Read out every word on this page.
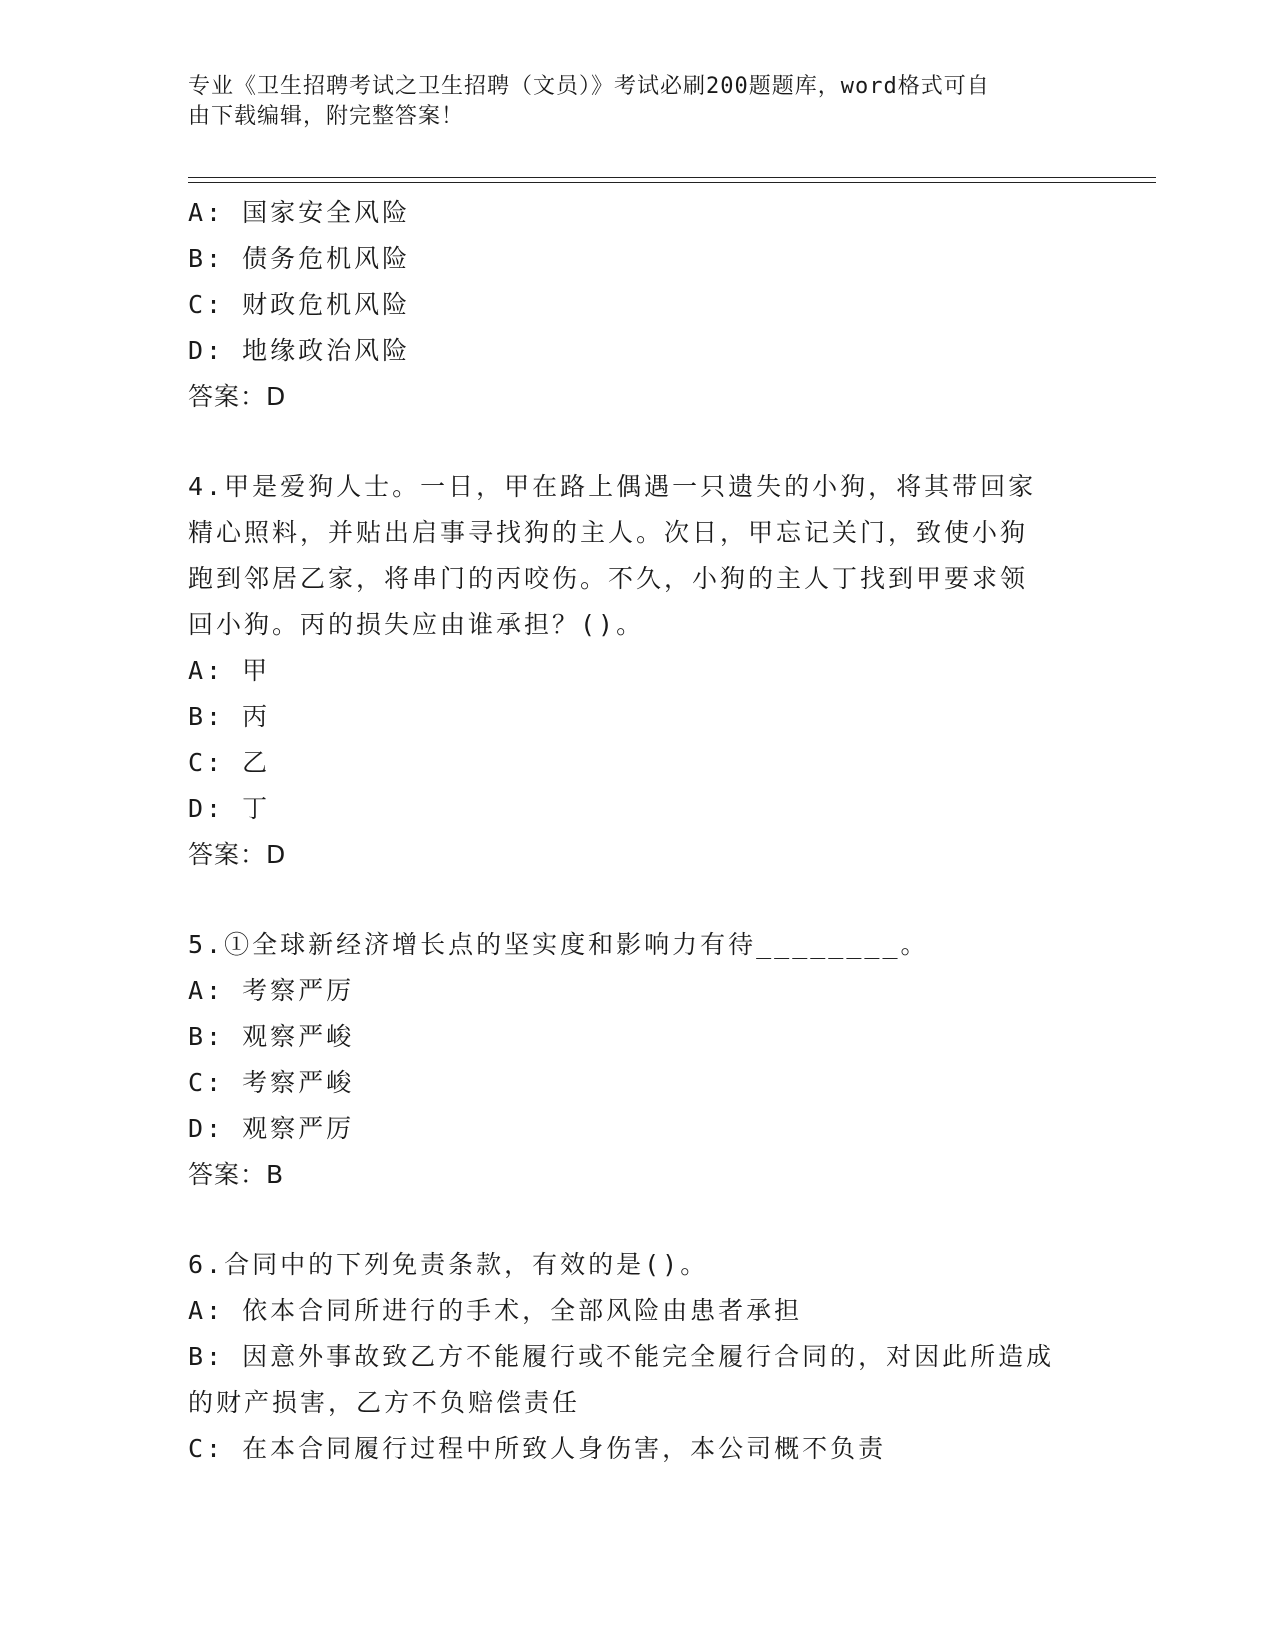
专业《卫生招聘考试之卫生招聘（文员）》考试必刷200题题库，word格式可自
由下载编辑，附完整答案！
A: 国家安全风险
B: 债务危机风险
C: 财政危机风险
D: 地缘政治风险
答案：D
4.甲是爱狗人士。一日，甲在路上偶遇一只遗失的小狗，将其带回家
精心照料，并贴出启事寻找狗的主人。次日，甲忘记关门，致使小狗
跑到邻居乙家，将串门的丙咬伤。不久，小狗的主人丁找到甲要求领
回小狗。丙的损失应由谁承担？()。
A: 甲
B: 丙
C: 乙
D: 丁
答案：D
5.①全球新经济增长点的坚实度和影响力有待________。
A: 考察严厉
B: 观察严峻
C: 考察严峻
D: 观察严厉
答案：B
6.合同中的下列免责条款，有效的是()。
A: 依本合同所进行的手术，全部风险由患者承担
B: 因意外事故致乙方不能履行或不能完全履行合同的，对因此所造成
的财产损害，乙方不负赔偿责任
C: 在本合同履行过程中所致人身伤害，本公司概不负责
